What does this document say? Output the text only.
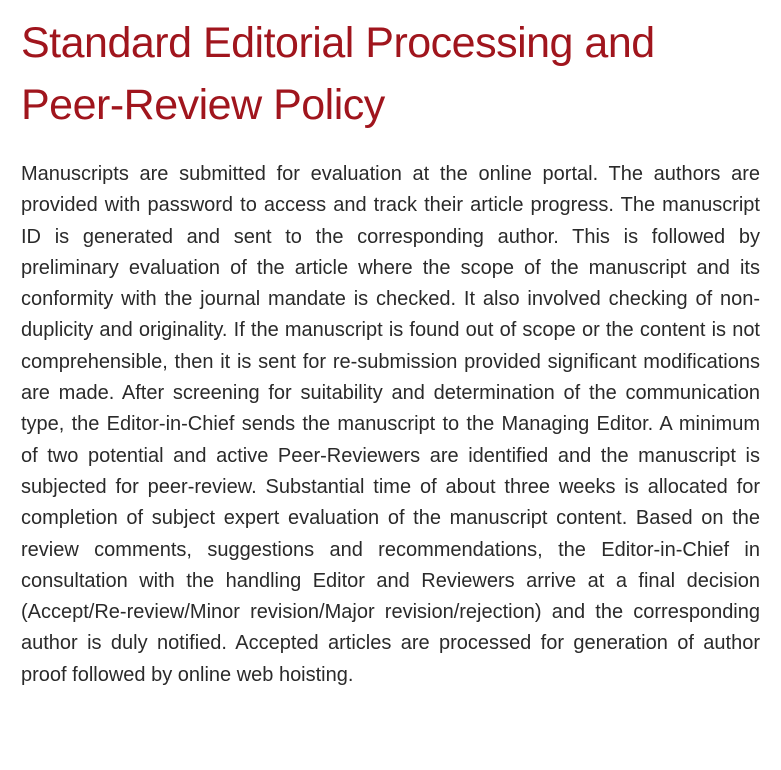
Standard Editorial Processing and Peer-Review Policy

Manuscripts are submitted for evaluation at the online portal. The authors are provided with password to access and track their article progress. The manuscript ID is generated and sent to the corresponding author. This is followed by preliminary evaluation of the article where the scope of the manuscript and its conformity with the journal mandate is checked. It also involved checking of non-duplicity and originality. If the manuscript is found out of scope or the content is not comprehensible, then it is sent for re-submission provided significant modifications are made. After screening for suitability and determination of the communication type, the Editor-in-Chief sends the manuscript to the Managing Editor. A minimum of two potential and active Peer-Reviewers are identified and the manuscript is subjected for peer-review. Substantial time of about three weeks is allocated for completion of subject expert evaluation of the manuscript content. Based on the review comments, suggestions and recommendations, the Editor-in-Chief in consultation with the handling Editor and Reviewers arrive at a final decision (Accept/Re-review/Minor revision/Major revision/rejection) and the corresponding author is duly notified. Accepted articles are processed for generation of author proof followed by online web hoisting.
